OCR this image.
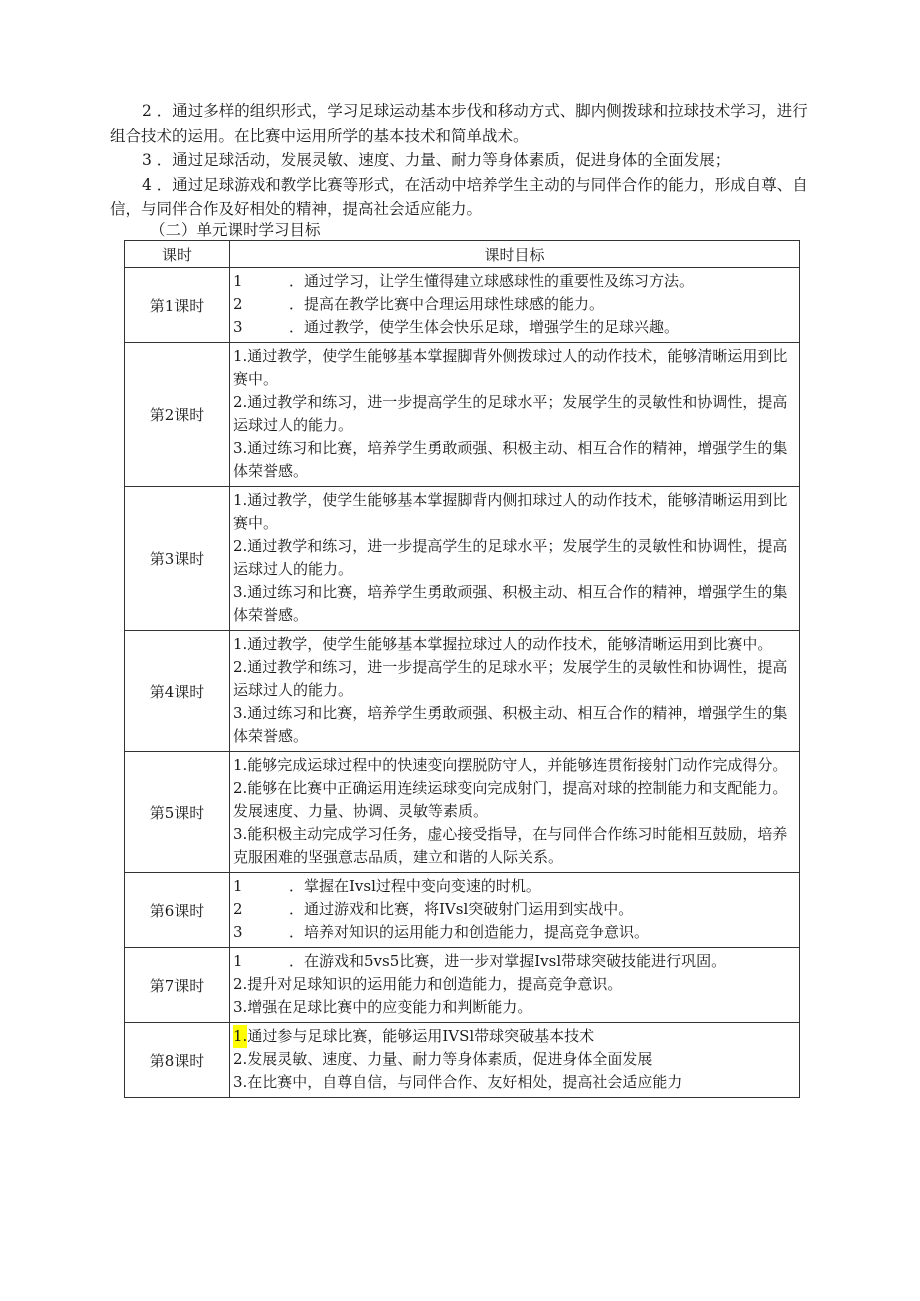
2 ．通过多样的组织形式，学习足球运动基本步伐和移动方式、脚内侧拨球和拉球技术学习，进行组合技术的运用。在比赛中运用所学的基本技术和简单战术。

3 ．通过足球活动，发展灵敏、速度、力量、耐力等身体素质，促进身体的全面发展；

4 ．通过足球游戏和教学比赛等形式，在活动中培养学生主动的与同伴合作的能力，形成自尊、自信，与同伴合作及好相处的精神，提高社会适应能力。

（二）单元课时学习目标
课时	课时目标
第1课时	1 ．通过学习，让学生懂得建立球感球性的重要性及练习方法。
2 ．提高在教学比赛中合理运用球性球感的能力。
3 ．通过教学，使学生体会快乐足球，增强学生的足球兴趣。

第2课时	1.通过教学，使学生能够基本掌握脚背外侧拨球过人的动作技术，能够清晰运用到比赛中。
2.通过教学和练习，进一步提高学生的足球水平；发展学生的灵敏性和协调性，提高运球过人的能力。
3.通过练习和比赛，培养学生勇敢顽强、积极主动、相互合作的精神，增强学生的集体荣誉感。

第3课时	1.通过教学，使学生能够基本掌握脚背内侧扣球过人的动作技术，能够清晰运用到比赛中。
2.通过教学和练习，进一步提高学生的足球水平；发展学生的灵敏性和协调性，提高运球过人的能力。
3.通过练习和比赛，培养学生勇敢顽强、积极主动、相互合作的精神，增强学生的集体荣誉感。

第4课时	1.通过教学，使学生能够基本掌握拉球过人的动作技术，能够清晰运用到比赛中。
2.通过教学和练习，进一步提高学生的足球水平；发展学生的灵敏性和协调性，提高运球过人的能力。
3.通过练习和比赛，培养学生勇敢顽强、积极主动、相互合作的精神，增强学生的集体荣誉感。

第5课时	1.能够完成运球过程中的快速变向摆脱防守人，并能够连贯衔接射门动作完成得分。
2.能够在比赛中正确运用连续运球变向完成射门，提高对球的控制能力和支配能力。发展速度、力量、协调、灵敏等素质。
3.能积极主动完成学习任务，虚心接受指导，在与同伴合作练习时能相互鼓励，培养克服困难的坚强意志品质，建立和谐的人际关系。

第6课时	1 ．掌握在Ivsl过程中变向变速的时机。
2 ．通过游戏和比赛，将IVsl突破射门运用到实战中。
3 ．培养对知识的运用能力和创造能力，提高竞争意识。

第7课时	1 ．在游戏和5vs5比赛，进一步对掌握Ivsl带球突破技能进行巩固。
2.提升对足球知识的运用能力和创造能力，提高竞争意识。
3.增强在足球比赛中的应变能力和判断能力。

第8课时	1.通过参与足球比赛，能够运用IVSl带球突破基本技术
2.发展灵敏、速度、力量、耐力等身体素质，促进身体全面发展
3.在比赛中，自尊自信，与同伴合作、友好相处，提高社会适应能力
